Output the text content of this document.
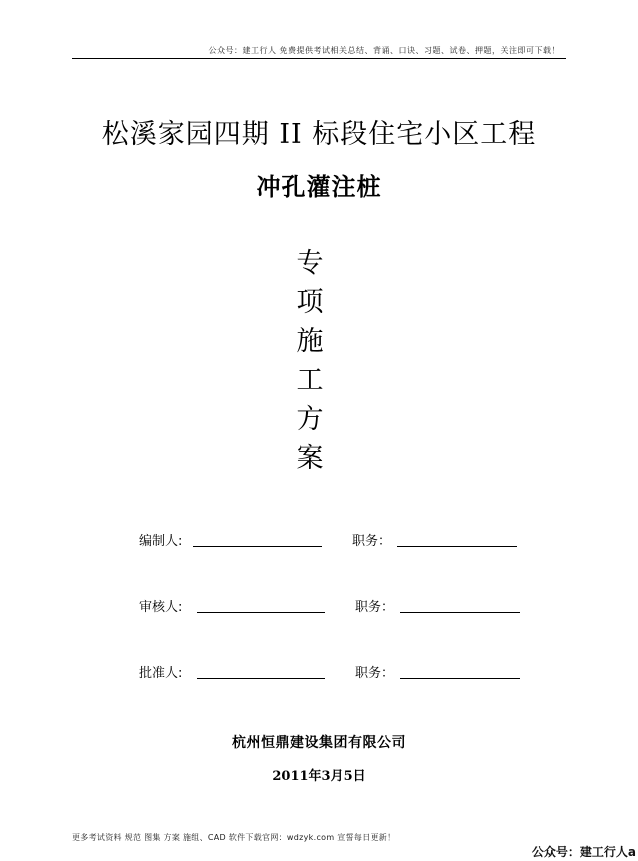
公众号：建工行人 免费提供考试相关总结、背诵、口诀、习题、试卷、押题，关注即可下载！
松溪家园四期 II 标段住宅小区工程
冲孔灌注桩
专
项
施
工
方
案
编制人:	职务：
审核人:	职务：
批准人:	职务：
杭州恒鼎建设集团有限公司
2011年3月5日
更多考试资料 规范 图集 方案 施组、CAD 软件下载官网：wdzyk.com 宣誓每日更新！
公众号：建工行人a
